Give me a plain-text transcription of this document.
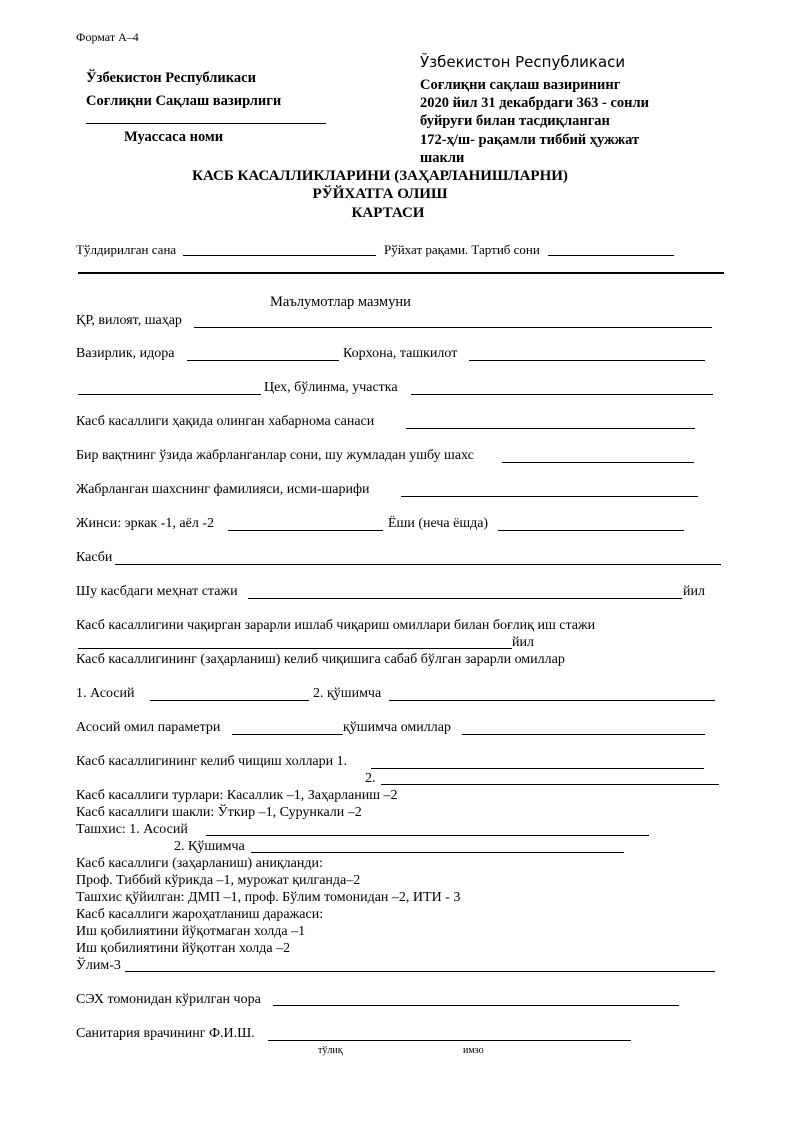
Формат А–4
Ўзбекистон Республикаси
Соғлиқни Сақлаш вазирлиги
Муассаса номи
Ўзбекистон Республикаси
Соғлиқни сақлаш вазирининг
2020 йил 31 декабрдаги 363 - сонли
буйруғи билан тасдиқланган
172-ҳ/ш- рақамли тиббий ҳужжат
шакли
КАСБ КАСАЛЛИКЛАРИНИ (ЗАҲАРЛАНИШЛАРНИ)
РЎЙХАТГА ОЛИШ
КАРТАСИ
Тўлдирилган сана	Рўйхат рақами. Тартиб сони
Маълумотлар мазмуни
ҚР, вилоят, шаҳар
Вазирлик, идора	Корхона, ташкилот
Цех, бўлинма, участка
Касб касаллиги ҳақида олинган хабарнома санаси
Бир вақтнинг ўзида жабрланганлар сони, шу жумладан ушбу шахс
Жабрланган шахснинг фамилияси, исми-шарифи
Жинси: эркак -1, аёл -2	Ёши (неча ёшда)
Касби
Шу касбдаги меҳнат стажи	йил
Касб касаллигини чақирган зарарли ишлаб чиқариш омиллари билан боғлиқ иш стажи
йил
Касб касаллигининг (заҳарланиш) келиб чиқишига сабаб бўлган зарарли омиллар
1. Асосий	2. қўшимча
Асосий омил параметри	қўшимча омиллар
Касб касаллигининг келиб чищиш холлари 1.
2.
Касб касаллиги турлари: Касаллик –1, Заҳарланиш –2
Касб касаллиги шакли: Ўткир –1, Сурункали –2
Ташхис: 1. Асосий
2. Қўшимча
Касб касаллиги (заҳарланиш) аниқланди:
Проф. Тиббий кўрикда –1, мурожат қилганда–2
Ташхис қўйилган: ДМП –1, проф. Бўлим томонидан –2, ИТИ - 3
Касб касаллиги жароҳатланиш даражаси:
Иш қобилиятини йўқотмаган холда –1
Иш қобилиятини йўқотган холда –2
Ўлим-3
СЭХ томонидан кўрилган чора
Санитария врачининг Ф.И.Ш.
тўлиқ	имзо
